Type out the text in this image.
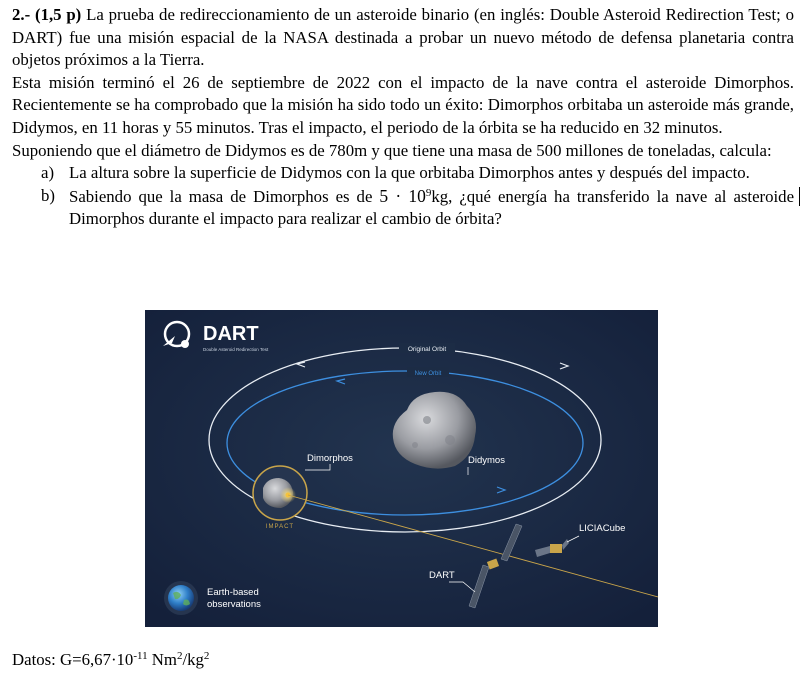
2.- (1,5 p) La prueba de redireccionamiento de un asteroide binario (en inglés: Double Asteroid Redirection Test; o DART) fue una misión espacial de la NASA destinada a probar un nuevo método de defensa planetaria contra objetos próximos a la Tierra.

Esta misión terminó el 26 de septiembre de 2022 con el impacto de la nave contra el asteroide Dimorphos. Recientemente se ha comprobado que la misión ha sido todo un éxito: Dimorphos orbitaba un asteroide más grande, Didymos, en 11 horas y 55 minutos. Tras el impacto, el periodo de la órbita se ha reducido en 32 minutos.

Suponiendo que el diámetro de Didymos es de 780m y que tiene una masa de 500 millones de toneladas, calcula:

a) La altura sobre la superficie de Didymos con la que orbitaba Dimorphos antes y después del impacto.
b) Sabiendo que la masa de Dimorphos es de $5 \cdot 10^9kg$, ¿qué energía ha transferido la nave al asteroide Dimorphos durante el impacto para realizar el cambio de órbita?
DART
Double Asteroid Redirection Test	Original Orbit
New Orbit
Didymos
Dimorphos
IMPACT
DART
LICIACube
Earth-based
observations
Datos: $G=6,67\cdot 10^{-11}$ $Nm^2/kg^2$
